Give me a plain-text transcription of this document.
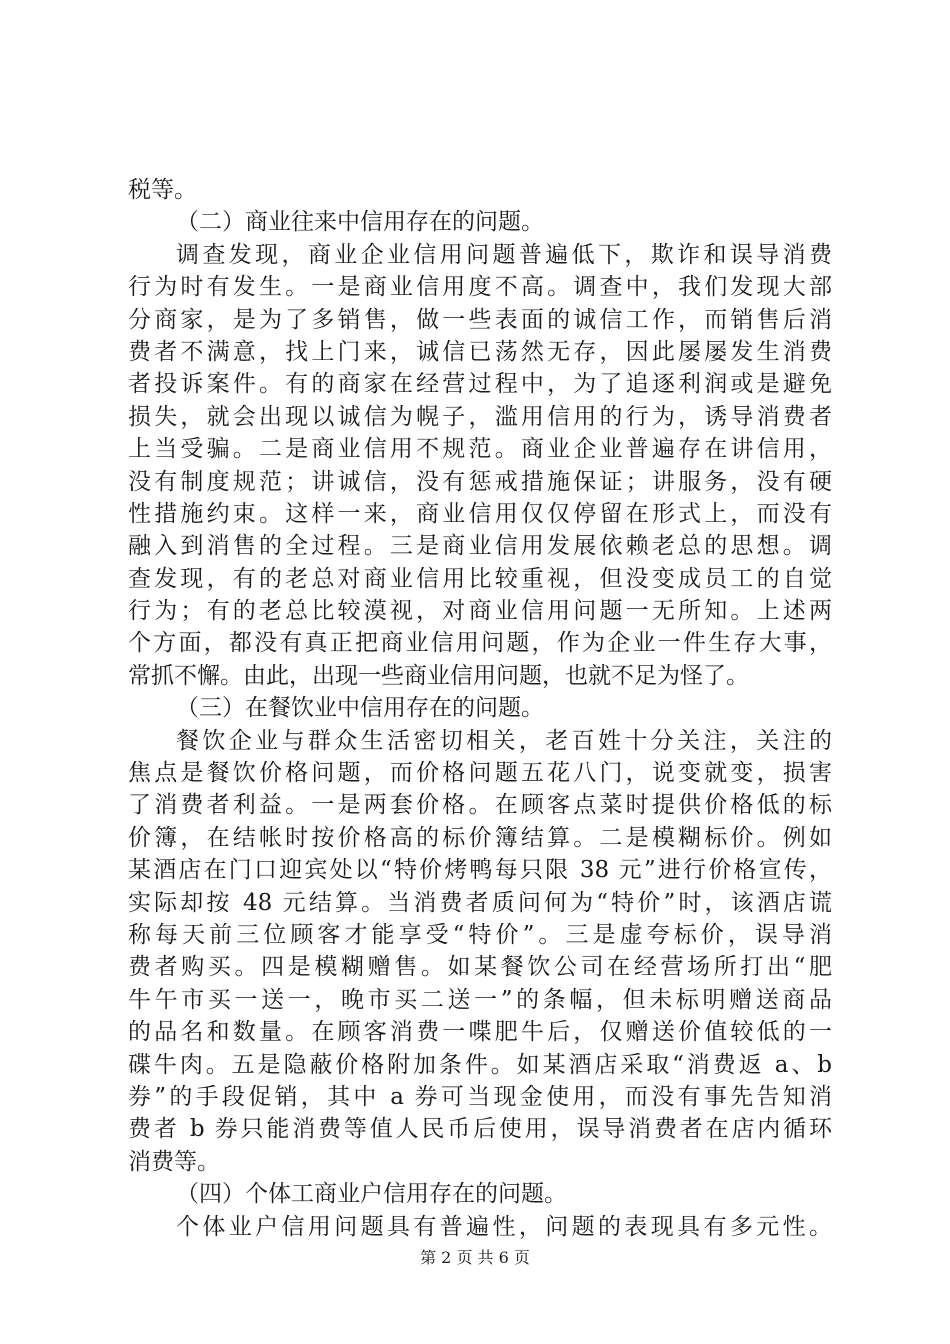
税等。
（二）商业往来中信用存在的问题。
调查发现，商业企业信用问题普遍低下，欺诈和误导消费
行为时有发生。一是商业信用度不高。调查中，我们发现大部
分商家，是为了多销售，做一些表面的诚信工作，而销售后消
费者不满意，找上门来，诚信已荡然无存，因此屡屡发生消费
者投诉案件。有的商家在经营过程中，为了追逐利润或是避免
损失，就会出现以诚信为幌子，滥用信用的行为，诱导消费者
上当受骗。二是商业信用不规范。商业企业普遍存在讲信用，
没有制度规范；讲诚信，没有惩戒措施保证；讲服务，没有硬
性措施约束。这样一来，商业信用仅仅停留在形式上，而没有
融入到消售的全过程。三是商业信用发展依赖老总的思想。调
查发现，有的老总对商业信用比较重视，但没变成员工的自觉
行为；有的老总比较漠视，对商业信用问题一无所知。上述两
个方面，都没有真正把商业信用问题，作为企业一件生存大事，
常抓不懈。由此，出现一些商业信用问题，也就不足为怪了。
（三）在餐饮业中信用存在的问题。
餐饮企业与群众生活密切相关，老百姓十分关注，关注的
焦点是餐饮价格问题，而价格问题五花八门，说变就变，损害
了消费者利益。一是两套价格。在顾客点菜时提供价格低的标
价簿，在结帐时按价格高的标价簿结算。二是模糊标价。例如
某酒店在门口迎宾处以“特价烤鸭每只限 38 元”进行价格宣传，
实际却按 48 元结算。当消费者质问何为“特价”时，该酒店谎
称每天前三位顾客才能享受“特价”。三是虚夸标价，误导消
费者购买。四是模糊赠售。如某餐饮公司在经营场所打出“肥
牛午市买一送一，晚市买二送一”的条幅，但未标明赠送商品
的品名和数量。在顾客消费一喋肥牛后，仅赠送价值较低的一
碟牛肉。五是隐蔽价格附加条件。如某酒店采取“消费返 a、b
券”的手段促销，其中 a 券可当现金使用，而没有事先告知消
费者 b 券只能消费等值人民币后使用，误导消费者在店内循环
消费等。
（四）个体工商业户信用存在的问题。
个体业户信用问题具有普遍性，问题的表现具有多元性。
第 2 页 共 6 页
